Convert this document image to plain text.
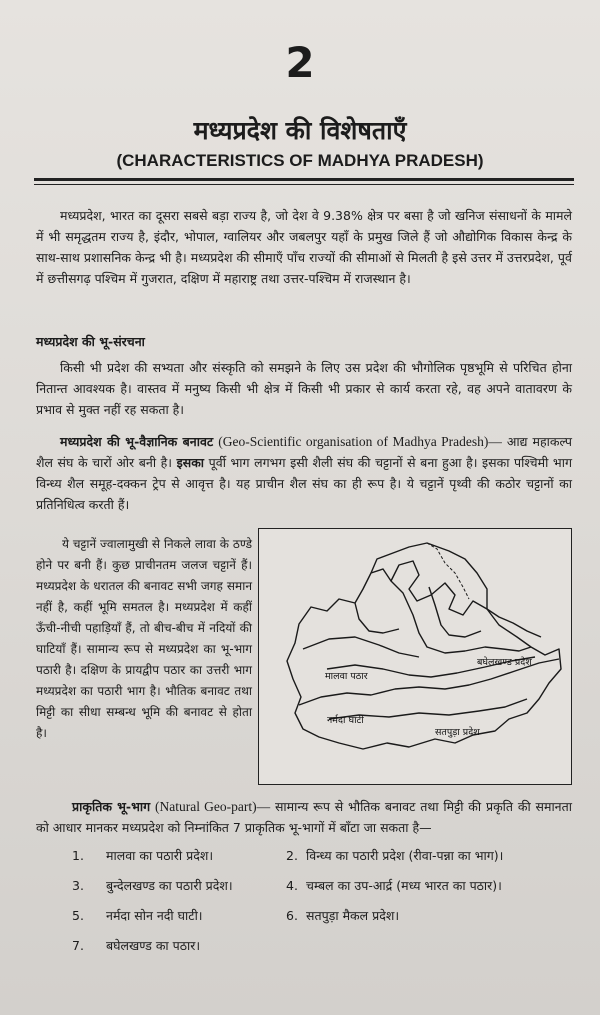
2
मध्यप्रदेश की विशेषताएँ
(CHARACTERISTICS OF MADHYA PRADESH)
मध्यप्रदेश, भारत का दूसरा सबसे बड़ा राज्य है, जो देश वे 9.38% क्षेत्र पर बसा है जो खनिज संसाधनों के मामले में भी समृद्धतम राज्य है, इंदौर, भोपाल, ग्वालियर और जबलपुर यहाँ के प्रमुख जिले हैं जो औद्योगिक विकास केन्द्र के साथ-साथ प्रशासनिक केन्द्र भी है। मध्यप्रदेश की सीमाएँ पाँच राज्यों की सीमाओं से मिलती है इसे उत्तर में उत्तरप्रदेश, पूर्व में छत्तीसगढ़ पश्चिम में गुजरात, दक्षिण में महाराष्ट्र तथा उत्तर-पश्चिम में राजस्थान है।
मध्यप्रदेश की भू-संरचना
किसी भी प्रदेश की सभ्यता और संस्कृति को समझने के लिए उस प्रदेश की भौगोलिक पृष्ठभूमि से परिचित होना नितान्त आवश्यक है। वास्तव में मनुष्य किसी भी क्षेत्र में किसी भी प्रकार से कार्य करता रहे, वह अपने वातावरण के प्रभाव से मुक्त नहीं रह सकता है।
मध्यप्रदेश की भू-वैज्ञानिक बनावट (Geo-Scientific organisation of Madhya Pradesh)— आद्य महाकल्प शैल संघ के चारों ओर बनी है। इसका पूर्वी भाग लगभग इसी शैली संघ की चट्टानों से बना हुआ है। इसका पश्चिमी भाग विन्ध्य शैल समूह-दक्कन ट्रेप से आवृत्त है। यह प्राचीन शैल संघ का ही रूप है। ये चट्टानें पृथ्वी की कठोर चट्टानों का प्रतिनिधित्व करती हैं।
ये चट्टानें ज्वालामुखी से निकले लावा के ठण्डे होने पर बनी हैं। कुछ प्राचीनतम जलज चट्टानें हैं। मध्यप्रदेश के धरातल की बनावट सभी जगह समान नहीं है, कहीं भूमि समतल है। मध्यप्रदेश में कहीं ऊँची-नीची पहाड़ियाँ हैं, तो बीच-बीच में नदियों की घाटियाँ हैं। सामान्य रूप से मध्यप्रदेश का भू-भाग पठारी है। दक्षिण के प्रायद्वीप पठार का उत्तरी भाग मध्यप्रदेश का पठारी भाग है। भौतिक बनावट तथा मिट्टी का सीधा सम्बन्ध भूमि की बनावट से होता है।
मालवा पठार
बघेलखण्ड प्रदेश
नर्मदा घाटी
सतपुड़ा प्रदेश
प्राकृतिक भू-भाग (Natural Geo-part)— सामान्य रूप से भौतिक बनावट तथा मिट्टी की प्रकृति की समानता को आधार मानकर मध्यप्रदेश को निम्नांकित 7 प्राकृतिक भू-भागों में बाँटा जा सकता है—
1. मालवा का पठारी प्रदेश।	2. विन्ध्य का पठारी प्रदेश (रीवा-पन्ना का भाग)।
3. बुन्देलखण्ड का पठारी प्रदेश।	4. चम्बल का उप-आर्द्र (मध्य भारत का पठार)।
5. नर्मदा सोन नदी घाटी।	6. सतपुड़ा मैकल प्रदेश।
7. बघेलखण्ड का पठार।
